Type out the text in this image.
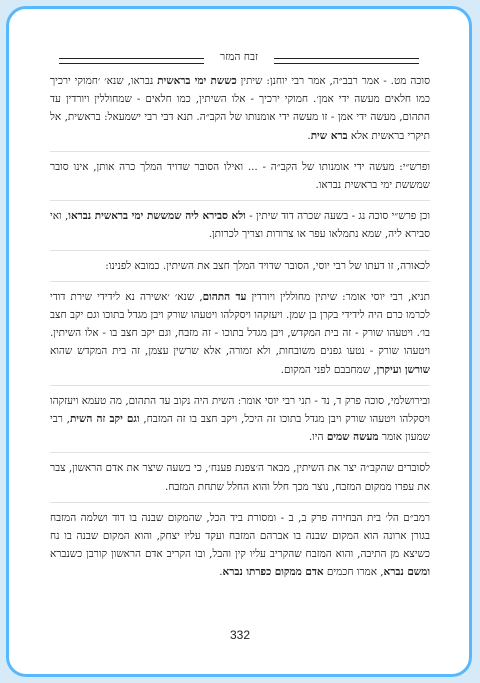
זבח המזר

סוכה מט. - אמר רבב״ה, אמר רבי יוחנן: שיתין כששת ימי בראשית נבראו, שנא׳ ׳חמוקי ירכיך כמו חלאים מעשה ידי אמן׳. חמוקי ירכיך - אלו השיתין, כמו חלאים - שמחוללין ויורדין עד התהום, מעשה ידי אמן - זו מעשה ידי אומנותו של הקב״ה. תנא דבי רבי ישמעאל: בראשית, אל תיקרי בראשית אלא ברא שית.

ופרש״י: מעשה ידי אומנותו של הקב״ה - ... ואילו הסובר שדויד המלך כרה אותן, אינו סובר שמששת ימי בראשית נבראו.

וכן פרש״י סוכה נג - בשעה שכרה דוד שיתין - ולא סבירא ליה שמששת ימי בראשית נבראו, ואי סבירא ליה, שמא נתמלאו עפר או צרורות וצריך לכרותן.

לכאורה, זו דעתו של רבי יוסי, הסובר שדויד המלך חצב את השיתין. כמובא לפנינו:

תניא, רבי יוסי אומר: שיתין מחוללין ויורדין עד התהום, שנא׳ ׳אשירה נא לידידי שירת דודי לכרמו כרם היה לידידי בקרן בן שמן. ויעזקהו ויסקלהו ויטעהו שורק ויבן מגדל בתוכו וגם יקב חצב בו׳. ויטעהו שורק - זה בית המקדש, ויבן מגדל בתוכו - זה מזבח, וגם יקב חצב בו - אלו השיתין. ויטעהו שורק - נטעו גפנים משובחות, ולא זמורה, אלא שרשין עצמן, זה בית המקדש שהוא שורשן ועיקרן, שמחבבם לפני המקום.

ובירושלמי, סוכה פרק ד, נד - תני רבי יוסי אומר: השית היה נקוב עד התהום, מה טעמא ויעזקהו ויסקלהו ויטעהו שורק ויבן מגדל בתוכו זה היכל, ויקב חצב בו זה המזבח, וגם יקב זה השית, רבי שמעון אומר מעשה שמים היו.

לסוברים שהקב״ה יצר את השיתין, מבאר ה׳צפנת פענח׳, כי בשעה שיצר את אדם הראשון, צבר את עפרו ממקום המזבח, נוצר מכך חלל והוא החלל שתחת המזבח.

רמב״ם הל׳ בית הבחירה פרק ב, ב - ומסורת ביד הכל, שהמקום שבנה בו דוד ושלמה המזבח בגורן ארונה הוא המקום שבנה בו אברהם המזבח ועקד עליו יצחק, והוא המקום שבנה בו נח כשיצא מן התיבה, והוא המזבח שהקריב עליו קין והבל, ובו הקריב אדם הראשון קורבן כשנברא ומשם נברא, אמרו חכמים אדם ממקום כפרתו נברא.

332
